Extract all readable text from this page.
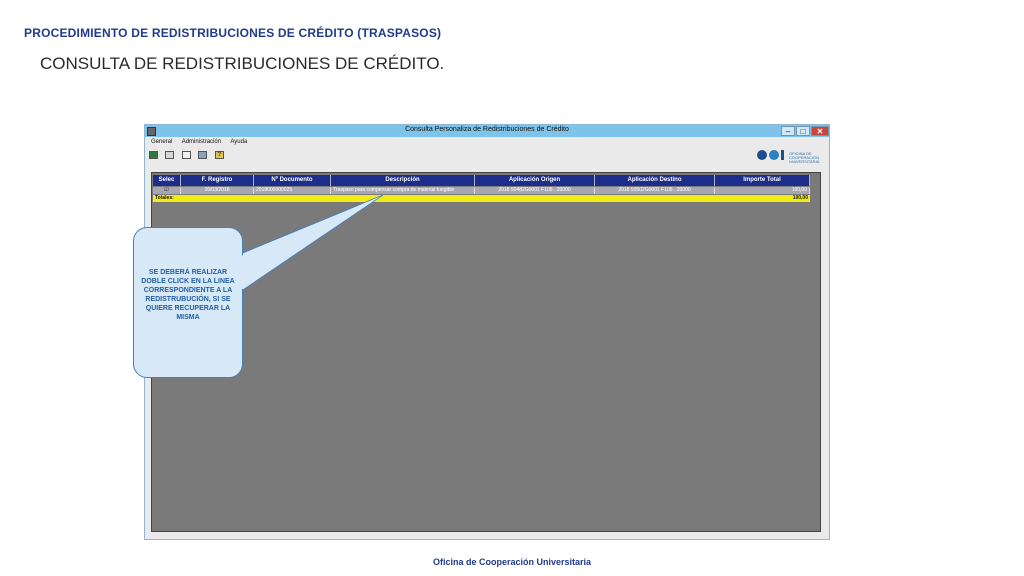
PROCEDIMIENTO DE REDISTRIBUCIONES DE CRÉDITO (TRASPASOS)
CONSULTA DE REDISTRIBUCIONES DE CRÉDITO.
Consulta Personaliza de Redistribuciones de Crédito	–	□	✕
General Administración Ayuda
?	OFICINA DE
COOPERACIÓN
UNIVERSITARIA
Selec	F. Registro	Nº Documento	Descripción	Aplicación Origen	Aplicación Destino	Importe Total
☑	26/03/2018	2018000000025	Traspaso para compensar compra de material fungible	2018 50482G0001 F105 . 20000	2018 50502G0001 F105 . 20000	100,00
Totales:	100,00
SE DEBERÁ REALIZAR DOBLE CLICK EN LA LINEA CORRESPONDIENTE A LA REDISTRUBUCIÓN, SI SE QUIERE RECUPERAR LA MISMA
Oficina de Cooperación Universitaria
